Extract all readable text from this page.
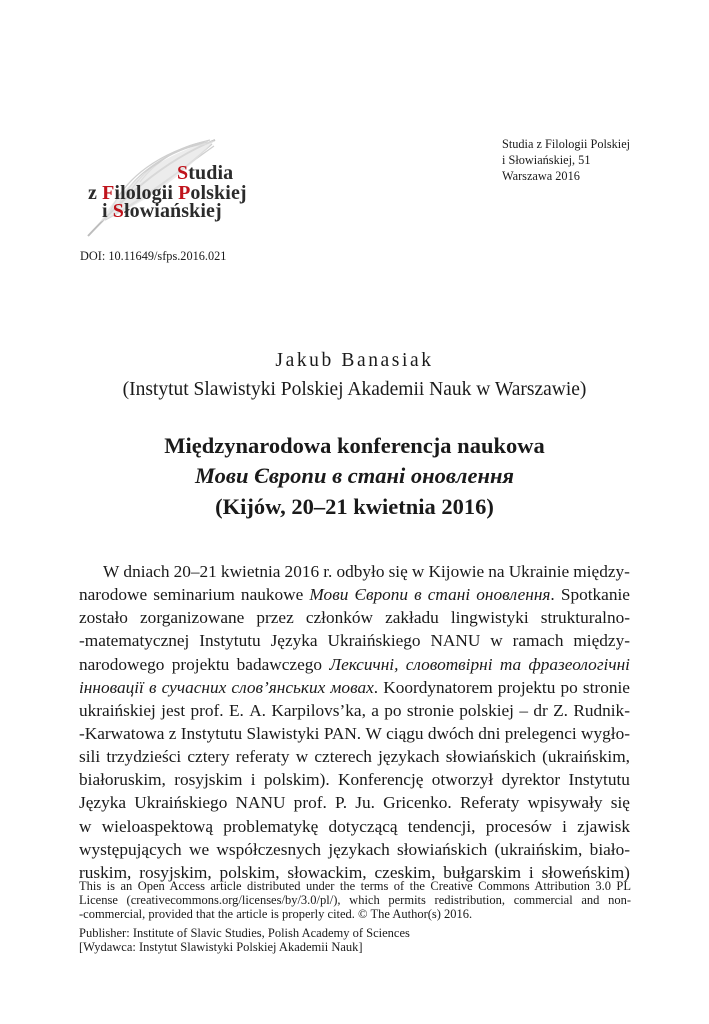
Studia z Filologii Polskiej
i Słowiańskiej, 51
Warszawa 2016
Studia
z Filologii Polskiej
i Słowiańskiej
DOI: 10.11649/sfps.2016.021
Jakub Banasiak
(Instytut Slawistyki Polskiej Akademii Nauk w Warszawie)
Międzynarodowa konferencja naukowa
Мови Європи в стані оновлення
(Kijów, 20–21 kwietnia 2016)
W dniach 20–21 kwietnia 2016 r. odbyło się w Kijowie na Ukrainie między-
narodowe seminarium naukowe Мови Європи в стані оновлення. Spotkanie
zostało zorganizowane przez członków zakładu lingwistyki strukturalno-
-matematycznej Instytutu Języka Ukraińskiego NANU w ramach między-
narodowego projektu badawczego Лексичні, словотвірні та фразеологічні
інновації в сучасних слов’янських мовах. Koordynatorem projektu po stronie
ukraińskiej jest prof. E. A. Karpilovs’ka, a po stronie polskiej – dr Z. Rudnik-
-Karwatowa z Instytutu Slawistyki PAN. W ciągu dwóch dni prelegenci wygło-
sili trzydzieści cztery referaty w czterech językach słowiańskich (ukraińskim,
białoruskim, rosyjskim i polskim). Konferencję otworzył dyrektor Instytutu
Języka Ukraińskiego NANU prof. P. Ju. Gricenko. Referaty wpisywały się
w wieloaspektową problematykę dotyczącą tendencji, procesów i zjawisk
występujących we współczesnych językach słowiańskich (ukraińskim, biało-
ruskim, rosyjskim, polskim, słowackim, czeskim, bułgarskim i słoweńskim)
This is an Open Access article distributed under the terms of the Creative Commons Attribution 3.0 PL
License (creativecommons.org/licenses/by/3.0/pl/), which permits redistribution, commercial and non-
-commercial, provided that the article is properly cited. © The Author(s) 2016.
Publisher: Institute of Slavic Studies, Polish Academy of Sciences
[Wydawca: Instytut Slawistyki Polskiej Akademii Nauk]
